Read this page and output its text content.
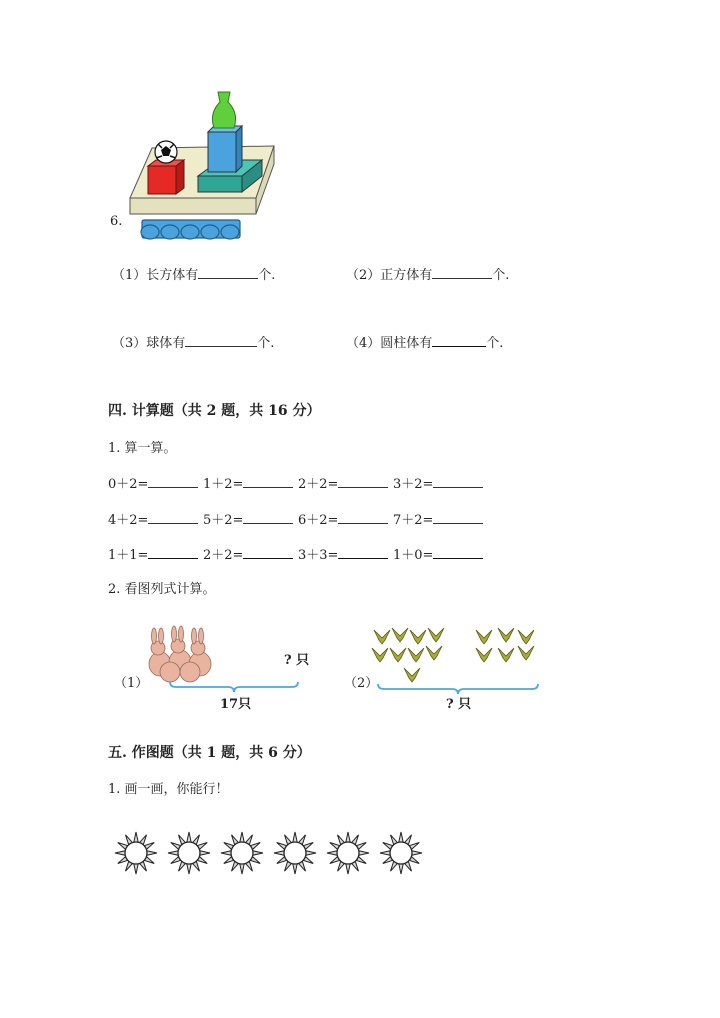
6.
（1）长方体有	个.	（2）正方体有	个.
（3）球体有	个.	（4）圆柱体有	个.
四. 计算题（共 2 题，共 16 分）
1. 算一算。
0＋2=	1＋2=	2＋2=	3＋2=
4＋2=	5＋2=	6＋2=	7＋2=
1＋1=	2＋2=	3＋3=	1＋0=
2. 看图列式计算。
（1）
? 只
17只
（2）
? 只
五. 作图题（共 1 题，共 6 分）
1. 画一画，你能行！
